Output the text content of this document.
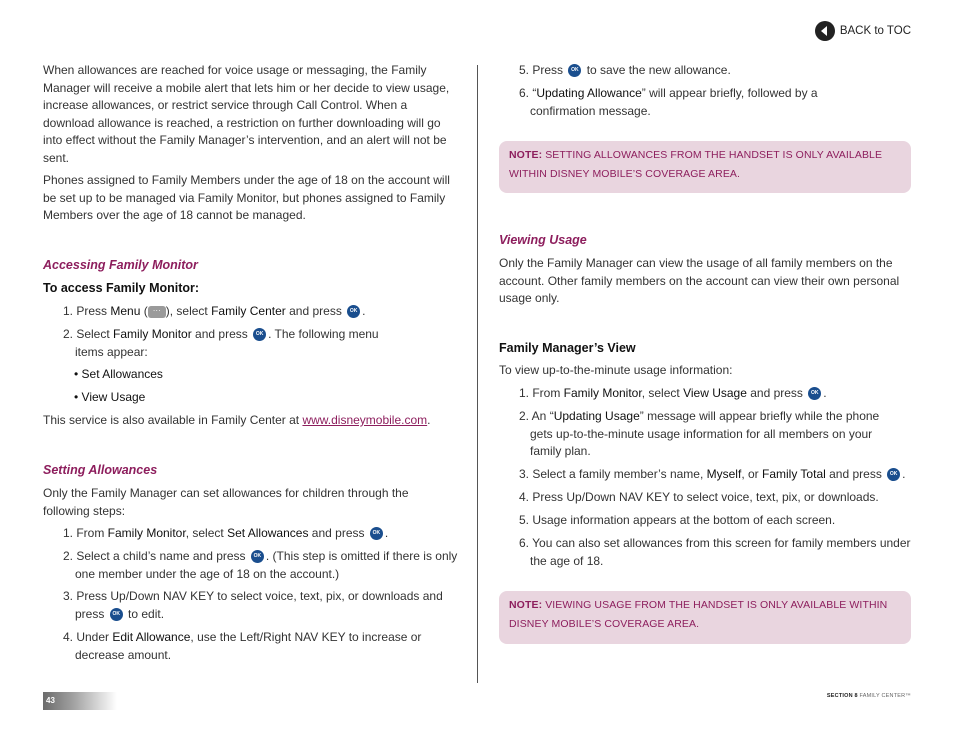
BACK to TOC

When allowances are reached for voice usage or messaging, the Family Manager will receive a mobile alert that lets him or her decide to view usage, increase allowances, or restrict service through Call Control. When a download allowance is reached, a restriction on further downloading will go into effect without the Family Manager’s intervention, and an alert will not be sent.

Phones assigned to Family Members under the age of 18 on the account will be set up to be managed via Family Monitor, but phones assigned to Family Members over the age of 18 cannot be managed.

Accessing Family Monitor

To access Family Monitor:

1. Press Menu ( ··· ), select Family Center and press OK .

2. Select Family Monitor and press OK . The following menu
items appear:

• Set Allowances

• View Usage

This service is also available in Family Center at www.disneymobile.com.

Setting Allowances

Only the Family Manager can set allowances for children through the following steps:

1. From Family Monitor, select Set Allowances and press OK .

2. Select a child’s name and press OK . (This step is omitted if there is only
one member under the age of 18 on the account.)

3. Press Up/Down NAV KEY to select voice, text, pix, or downloads and
press OK to edit.

4. Under Edit Allowance, use the Left/Right NAV KEY to increase or
decrease amount.

5. Press OK to save the new allowance.

6. “Updating Allowance” will appear briefly, followed by a
confirmation message.

NOTE: SETTING ALLOWANCES FROM THE HANDSET IS ONLY AVAILABLE WITHIN DISNEY MOBILE’S COVERAGE AREA.

Viewing Usage

Only the Family Manager can view the usage of all family members on the account. Other family members on the account can view their own personal usage only.

Family Manager’s View

To view up-to-the-minute usage information:

1. From Family Monitor, select View Usage and press OK .

2. An “Updating Usage” message will appear briefly while the phone
gets up-to-the-minute usage information for all members on your
family plan.

3. Select a family member’s name, Myself, or Family Total and press OK .

4. Press Up/Down NAV KEY to select voice, text, pix, or downloads.

5. Usage information appears at the bottom of each screen.

6. You can also set allowances from this screen for family members under
the age of 18.

NOTE: VIEWING USAGE FROM THE HANDSET IS ONLY AVAILABLE WITHIN DISNEY MOBILE’S COVERAGE AREA.
43	SECTION 8 FAMILY CENTER™
